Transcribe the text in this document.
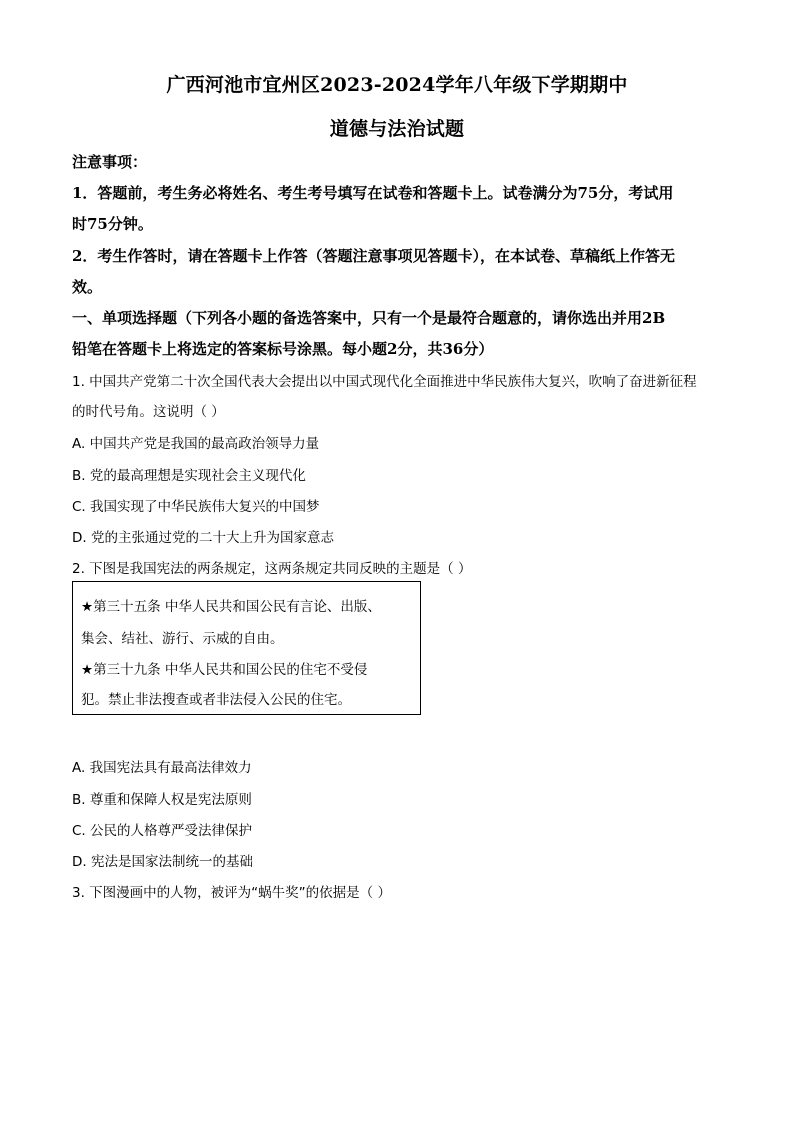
广西河池市宜州区2023-2024学年八年级下学期期中
道德与法治试题
注意事项：
1．答题前，考生务必将姓名、考生考号填写在试卷和答题卡上。试卷满分为75分，考试用
时75分钟。
2．考生作答时，请在答题卡上作答（答题注意事项见答题卡），在本试卷、草稿纸上作答无
效。
一、单项选择题（下列各小题的备选答案中，只有一个是最符合题意的，请你选出并用2B
铅笔在答题卡上将选定的答案标号涂黑。每小题2分，共36分）
1. 中国共产党第二十次全国代表大会提出以中国式现代化全面推进中华民族伟大复兴，吹响了奋进新征程
的时代号角。这说明（ ）
A. 中国共产党是我国的最高政治领导力量
B. 党的最高理想是实现社会主义现代化
C. 我国实现了中华民族伟大复兴的中国梦
D. 党的主张通过党的二十大上升为国家意志
2. 下图是我国宪法的两条规定，这两条规定共同反映的主题是（ ）
★第三十五条 中华人民共和国公民有言论、出版、
集会、结社、游行、示威的自由。
★第三十九条 中华人民共和国公民的住宅不受侵
犯。禁止非法搜查或者非法侵入公民的住宅。
A. 我国宪法具有最高法律效力
B. 尊重和保障人权是宪法原则
C. 公民的人格尊严受法律保护
D. 宪法是国家法制统一的基础
3. 下图漫画中的人物，被评为“蜗牛奖”的依据是（ ）
